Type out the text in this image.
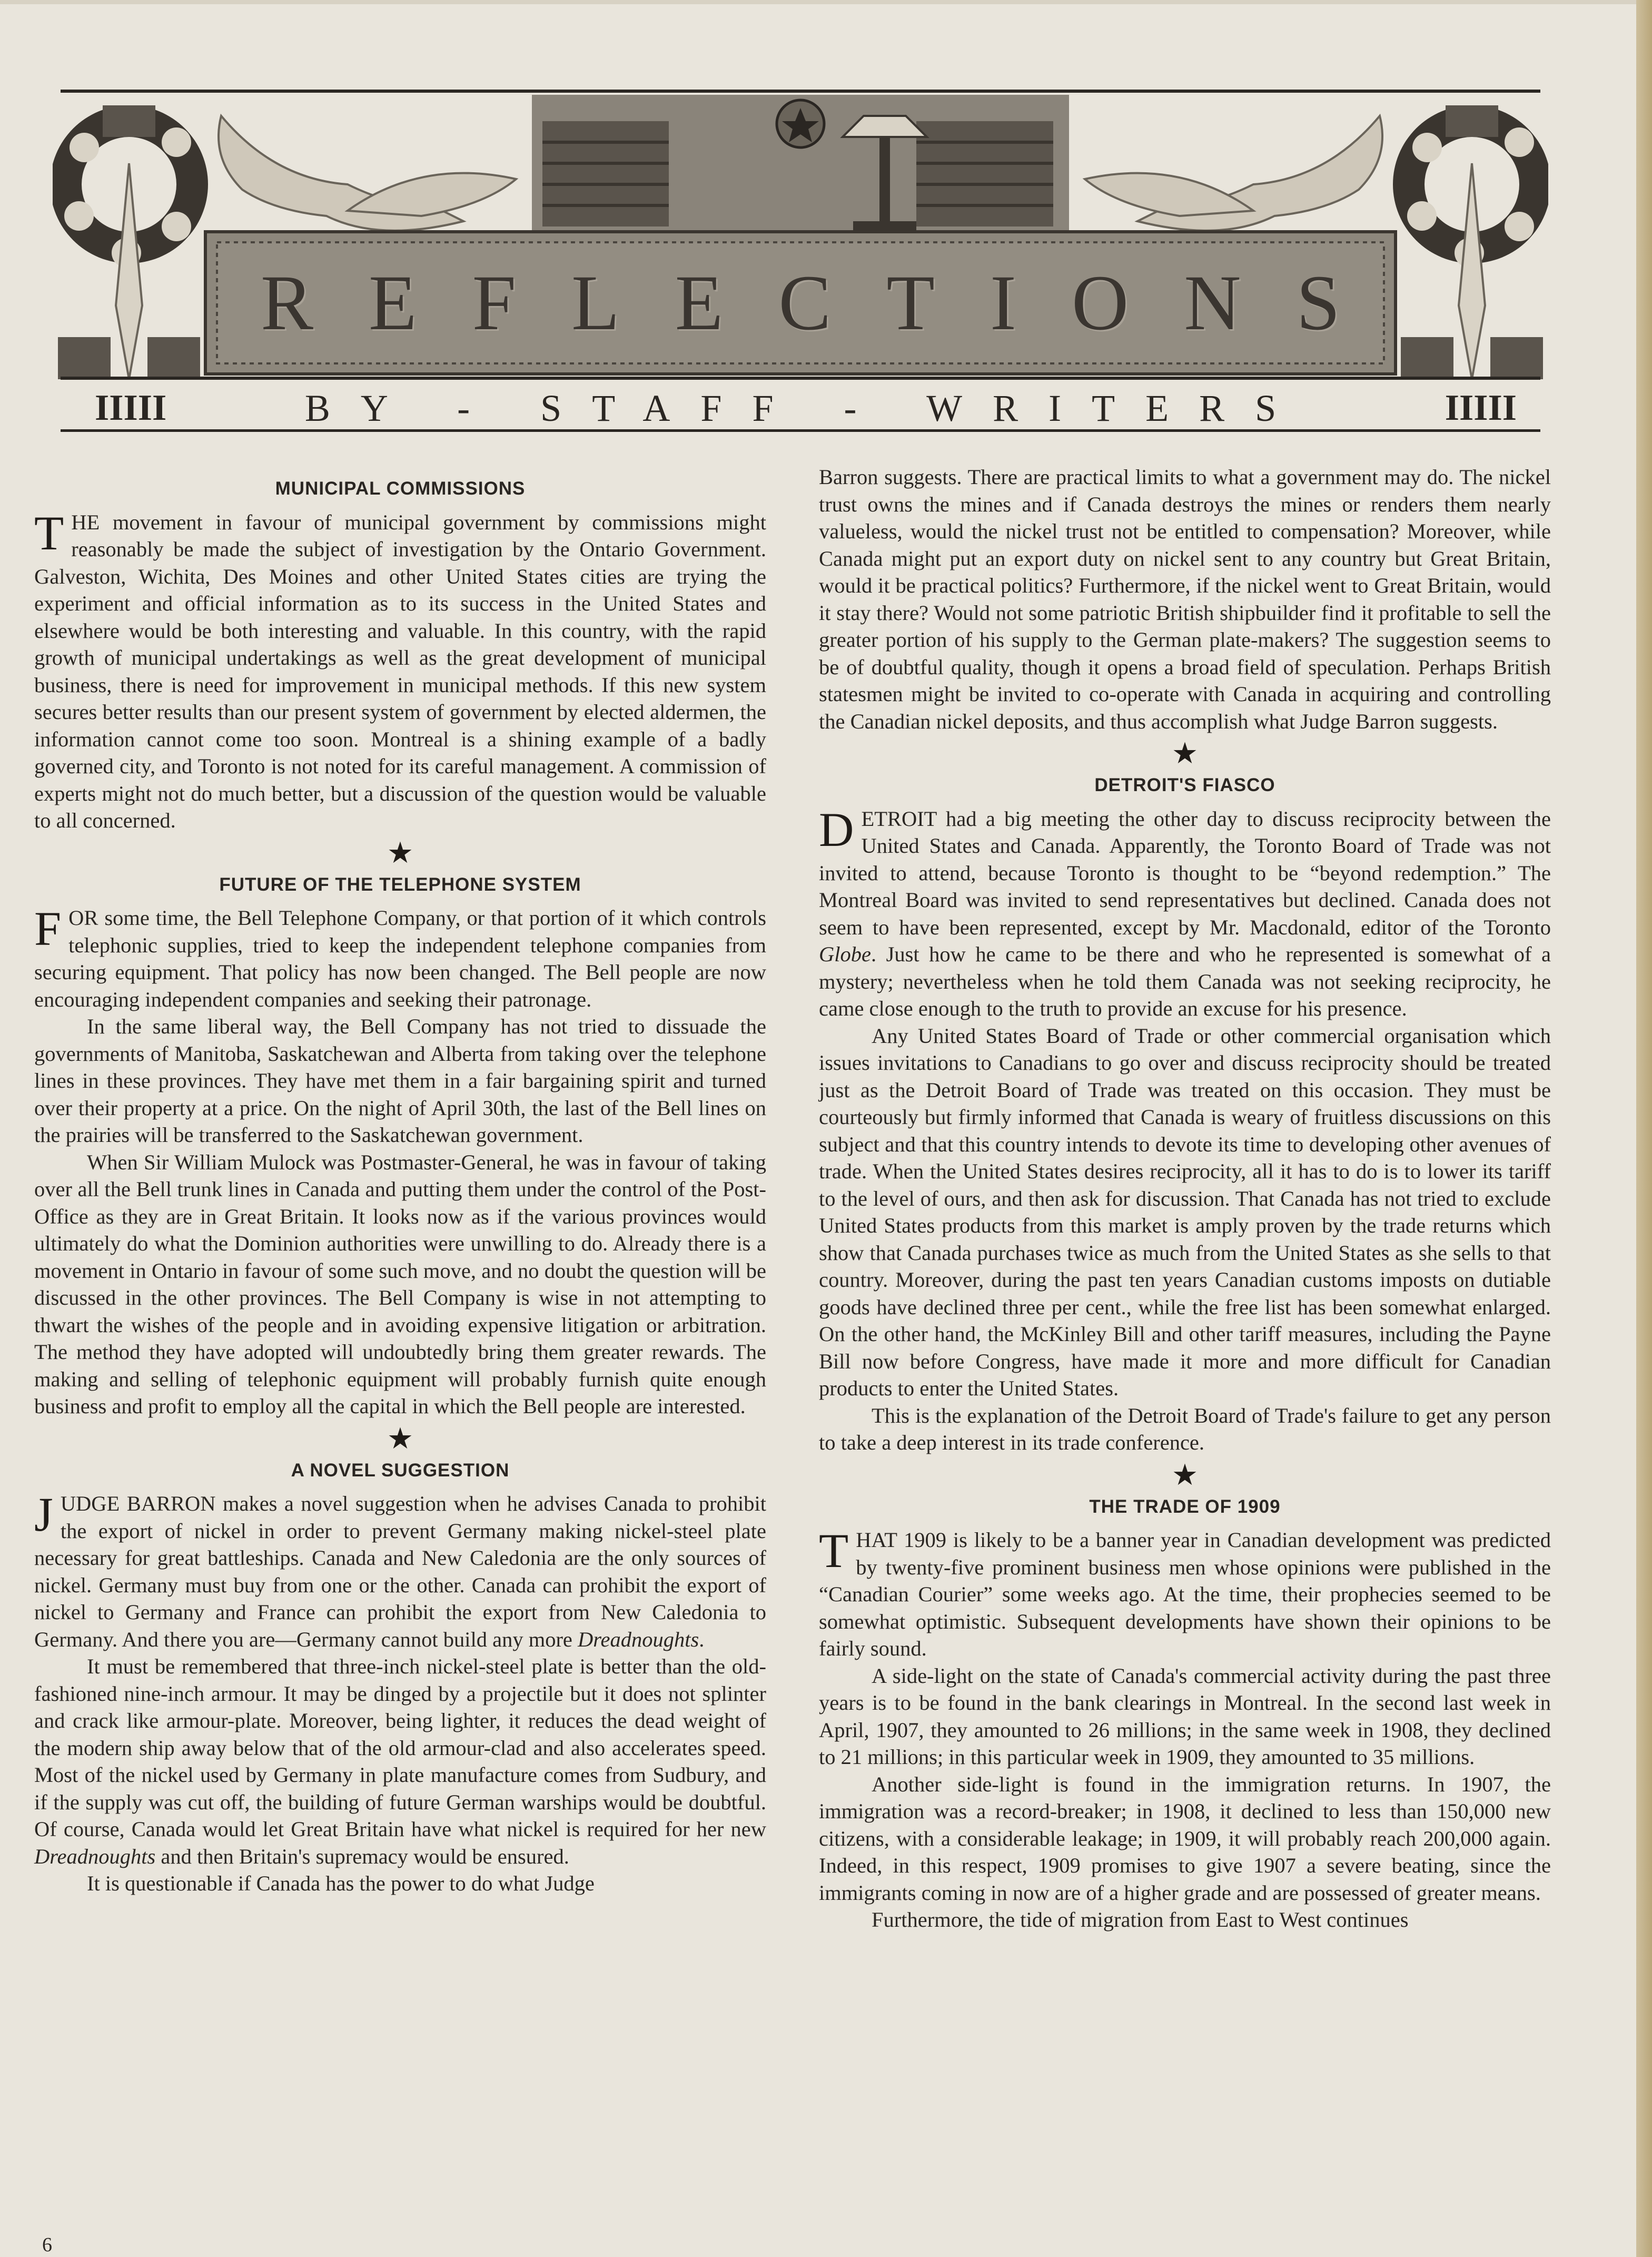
REFLECTIONS
IIIII	BY - STAFF - WRITERS	IIIII
MUNICIPAL COMMISSIONS

THE movement in favour of municipal government by commissions might reasonably be made the subject of investigation by the Ontario Government. Galveston, Wichita, Des Moines and other United States cities are trying the experiment and official information as to its success in the United States and elsewhere would be both interesting and valuable. In this country, with the rapid growth of municipal undertakings as well as the great development of municipal business, there is need for improvement in municipal methods. If this new system secures better results than our present system of government by elected aldermen, the information cannot come too soon. Montreal is a shining example of a badly governed city, and Toronto is not noted for its careful management. A commission of experts might not do much better, but a discussion of the question would be valuable to all concerned.

★
FUTURE OF THE TELEPHONE SYSTEM

FOR some time, the Bell Telephone Company, or that portion of it which controls telephonic supplies, tried to keep the independent telephone companies from securing equipment. That policy has now been changed. The Bell people are now encouraging independent companies and seeking their patronage.

In the same liberal way, the Bell Company has not tried to dissuade the governments of Manitoba, Saskatchewan and Alberta from taking over the telephone lines in these provinces. They have met them in a fair bargaining spirit and turned over their property at a price. On the night of April 30th, the last of the Bell lines on the prairies will be transferred to the Saskatchewan government.

When Sir William Mulock was Postmaster-General, he was in favour of taking over all the Bell trunk lines in Canada and putting them under the control of the Post-Office as they are in Great Britain. It looks now as if the various provinces would ultimately do what the Dominion authorities were unwilling to do. Already there is a movement in Ontario in favour of some such move, and no doubt the question will be discussed in the other provinces. The Bell Company is wise in not attempting to thwart the wishes of the people and in avoiding expensive litigation or arbitration. The method they have adopted will undoubtedly bring them greater rewards. The making and selling of telephonic equipment will probably furnish quite enough business and profit to employ all the capital in which the Bell people are interested.

★
A NOVEL SUGGESTION

JUDGE BARRON makes a novel suggestion when he advises Canada to prohibit the export of nickel in order to prevent Germany making nickel-steel plate necessary for great battleships. Canada and New Caledonia are the only sources of nickel. Germany must buy from one or the other. Canada can prohibit the export of nickel to Germany and France can prohibit the export from New Caledonia to Germany. And there you are—Germany cannot build any more Dreadnoughts.

It must be remembered that three-inch nickel-steel plate is better than the old-fashioned nine-inch armour. It may be dinged by a projectile but it does not splinter and crack like armour-plate. Moreover, being lighter, it reduces the dead weight of the modern ship away below that of the old armour-clad and also accelerates speed. Most of the nickel used by Germany in plate manufacture comes from Sudbury, and if the supply was cut off, the building of future German warships would be doubtful. Of course, Canada would let Great Britain have what nickel is required for her new Dreadnoughts and then Britain's supremacy would be ensured.

It is questionable if Canada has the power to do what Judge

Barron suggests. There are practical limits to what a government may do. The nickel trust owns the mines and if Canada destroys the mines or renders them nearly valueless, would the nickel trust not be entitled to compensation? Moreover, while Canada might put an export duty on nickel sent to any country but Great Britain, would it be practical politics? Furthermore, if the nickel went to Great Britain, would it stay there? Would not some patriotic British shipbuilder find it profitable to sell the greater portion of his supply to the German plate-makers? The suggestion seems to be of doubtful quality, though it opens a broad field of speculation. Perhaps British statesmen might be invited to co-operate with Canada in acquiring and controlling the Canadian nickel deposits, and thus accomplish what Judge Barron suggests.

★
DETROIT'S FIASCO

DETROIT had a big meeting the other day to discuss reciprocity between the United States and Canada. Apparently, the Toronto Board of Trade was not invited to attend, because Toronto is thought to be “beyond redemption.” The Montreal Board was invited to send representatives but declined. Canada does not seem to have been represented, except by Mr. Macdonald, editor of the Toronto Globe. Just how he came to be there and who he represented is somewhat of a mystery; nevertheless when he told them Canada was not seeking reciprocity, he came close enough to the truth to provide an excuse for his presence.

Any United States Board of Trade or other commercial organisation which issues invitations to Canadians to go over and discuss reciprocity should be treated just as the Detroit Board of Trade was treated on this occasion. They must be courteously but firmly informed that Canada is weary of fruitless discussions on this subject and that this country intends to devote its time to developing other avenues of trade. When the United States desires reciprocity, all it has to do is to lower its tariff to the level of ours, and then ask for discussion. That Canada has not tried to exclude United States products from this market is amply proven by the trade returns which show that Canada purchases twice as much from the United States as she sells to that country. Moreover, during the past ten years Canadian customs imposts on dutiable goods have declined three per cent., while the free list has been somewhat enlarged. On the other hand, the McKinley Bill and other tariff measures, including the Payne Bill now before Congress, have made it more and more difficult for Canadian products to enter the United States.

This is the explanation of the Detroit Board of Trade's failure to get any person to take a deep interest in its trade conference.

★
THE TRADE OF 1909

THAT 1909 is likely to be a banner year in Canadian development was predicted by twenty-five prominent business men whose opinions were published in the “Canadian Courier” some weeks ago. At the time, their prophecies seemed to be somewhat optimistic. Subsequent developments have shown their opinions to be fairly sound.

A side-light on the state of Canada's commercial activity during the past three years is to be found in the bank clearings in Montreal. In the second last week in April, 1907, they amounted to 26 millions; in the same week in 1908, they declined to 21 millions; in this particular week in 1909, they amounted to 35 millions.

Another side-light is found in the immigration returns. In 1907, the immigration was a record-breaker; in 1908, it declined to less than 150,000 new citizens, with a considerable leakage; in 1909, it will probably reach 200,000 again. Indeed, in this respect, 1909 promises to give 1907 a severe beating, since the immigrants coming in now are of a higher grade and are possessed of greater means.

Furthermore, the tide of migration from East to West continues

6
